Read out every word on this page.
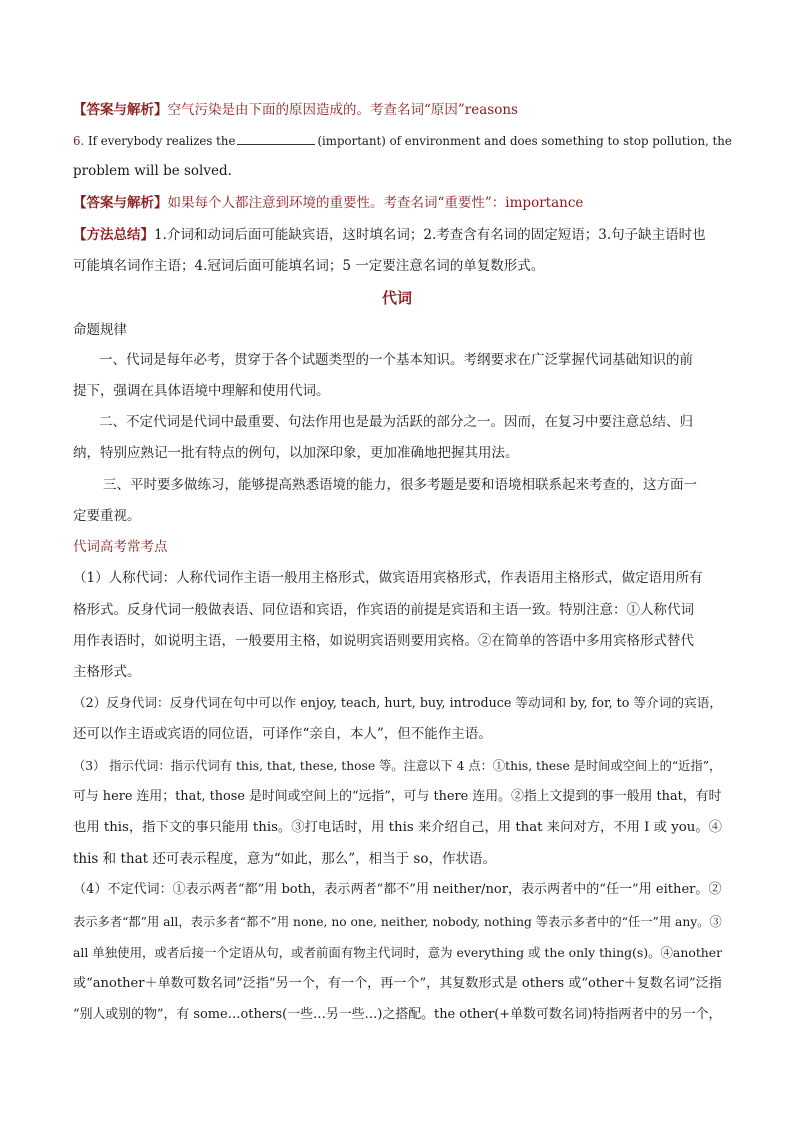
【答案与解析】空气污染是由下面的原因造成的。考查名词“原因”reasons
6. If everybody realizes the	(important) of environment and does something to stop pollution, the
problem will be solved.
【答案与解析】如果每个人都注意到环境的重要性。考查名词“重要性”：importance
【方法总结】1.介词和动词后面可能缺宾语，这时填名词；2.考查含有名词的固定短语；3.句子缺主语时也
可能填名词作主语；4.冠词后面可能填名词；5 一定要注意名词的单复数形式。
代词
命题规律
一、代词是每年必考，贯穿于各个试题类型的一个基本知识。考纲要求在广泛掌握代词基础知识的前
提下，强调在具体语境中理解和使用代词。
二、不定代词是代词中最重要、句法作用也是最为活跃的部分之一。因而，在复习中要注意总结、归
纳，特别应熟记一批有特点的例句，以加深印象，更加准确地把握其用法。
三、平时要多做练习，能够提高熟悉语境的能力，很多考题是要和语境相联系起来考查的，这方面一
定要重视。
代词高考常考点
（1）人称代词：人称代词作主语一般用主格形式，做宾语用宾格形式，作表语用主格形式，做定语用所有
格形式。反身代词一般做表语、同位语和宾语，作宾语的前提是宾语和主语一致。特别注意：①人称代词
用作表语时，如说明主语，一般要用主格，如说明宾语则要用宾格。②在简单的答语中多用宾格形式替代
主格形式。
（2）反身代词：反身代词在句中可以作 enjoy, teach, hurt, buy, introduce 等动词和 by, for, to 等介词的宾语，
还可以作主语或宾语的同位语，可译作“亲自，本人”，但不能作主语。
（3） 指示代词：指示代词有 this, that, these, those 等。注意以下 4 点：①this, these 是时间或空间上的“近指”，
可与 here 连用；that, those 是时间或空间上的“远指”，可与 there 连用。②指上文提到的事一般用 that，有时
也用 this，指下文的事只能用 this。③打电话时，用 this 来介绍自己，用 that 来问对方，不用 I 或 you。④
this 和 that 还可表示程度，意为“如此，那么”，相当于 so，作状语。
（4）不定代词：①表示两者“都”用 both，表示两者“都不”用 neither/nor，表示两者中的“任一”用 either。②
表示多者“都”用 all，表示多者“都不”用 none, no one, neither, nobody, nothing 等表示多者中的“任一”用 any。③
all 单独使用，或者后接一个定语从句，或者前面有物主代词时，意为 everything 或 the only thing(s)。④another
或“another＋单数可数名词”泛指“另一个，有一个，再一个”，其复数形式是 others 或“other＋复数名词”泛指
“别人或别的物”，有 some…others(一些…另一些…)之搭配。the other(+单数可数名词)特指两者中的另一个，
